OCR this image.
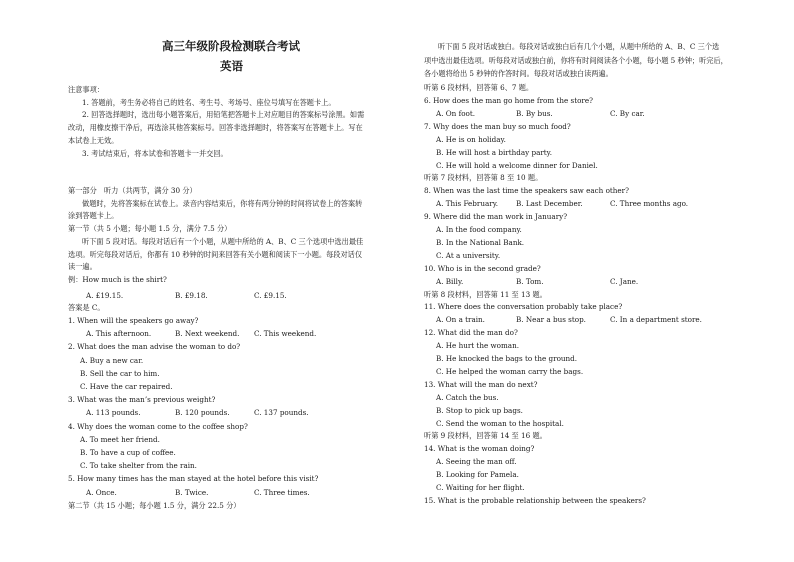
高三年级阶段检测联合考试
英语
注意事项：
1. 答题前，考生务必将自己的姓名、考生号、考场号、座位号填写在答题卡上。
2. 回答选择题时，选出每小题答案后，用铅笔把答题卡上对应题目的答案标号涂黑。如需
改动，用橡皮擦干净后，再选涂其他答案标号。回答非选择题时，将答案写在答题卡上。写在
本试卷上无效。
3. 考试结束后，将本试卷和答题卡一并交回。
第一部分　听力（共两节，满分 30 分）
做题时，先将答案标在试卷上。录音内容结束后，你将有两分钟的时间将试卷上的答案转
涂到答题卡上。
第一节（共 5 小题；每小题 1.5 分，满分 7.5 分）
听下面 5 段对话。每段对话后有一个小题，从题中所给的 A、B、C 三个选项中选出最佳
选项。听完每段对话后，你都有 10 秒钟的时间来回答有关小题和阅读下一小题。每段对话仅
读一遍。
例：How much is the shirt?
A. £19.15.	B. £9.18.	C. £9.15.
答案是 C。
1. When will the speakers go away?
A. This afternoon.	B. Next weekend. C. This weekend.
2. What does the man advise the woman to do?
A. Buy a new car.
B. Sell the car to him.
C. Have the car repaired.
3. What was the man’s previous weight?
A. 113 pounds.	B. 120 pounds.	C. 137 pounds.
4. Why does the woman come to the coffee shop?
A. To meet her friend.
B. To have a cup of coffee.
C. To take shelter from the rain.
5. How many times has the man stayed at the hotel before this visit?
A. Once.	B. Twice.	C. Three times.
第二节（共 15 小题；每小题 1.5 分，满分 22.5 分）
听下面 5 段对话或独白。每段对话或独白后有几个小题，从题中所给的 A、B、C 三个选
项中选出最佳选项。听每段对话或独白前，你将有时间阅读各个小题，每小题 5 秒钟；听完后，
各小题将给出 5 秒钟的作答时间。每段对话或独白读两遍。
听第 6 段材料，回答第 6、7 题。
6. How does the man go home from the store?
A. On foot.	B. By bus.	C. By car.
7. Why does the man buy so much food?
A. He is on holiday.
B. He will host a birthday party.
C. He will hold a welcome dinner for Daniel.
听第 7 段材料，回答第 8 至 10 题。
8. When was the last time the speakers saw each other?
A. This February. B. Last December.	C. Three months ago.
9. Where did the man work in January?
A. In the food company.
B. In the National Bank.
C. At a university.
10. Who is in the second grade?
A. Billy.	B. Tom.	C. Jane.
听第 8 段材料，回答第 11 至 13 题。
11. Where does the conversation probably take place?
A. On a train.	B. Near a bus stop.	C. In a department store.
12. What did the man do?
A. He hurt the woman.
B. He knocked the bags to the ground.
C. He helped the woman carry the bags.
13. What will the man do next?
A. Catch the bus.
B. Stop to pick up bags.
C. Send the woman to the hospital.
听第 9 段材料，回答第 14 至 16 题。
14. What is the woman doing?
A. Seeing the man off.
B. Looking for Pamela.
C. Waiting for her flight.
15. What is the probable relationship between the speakers?
